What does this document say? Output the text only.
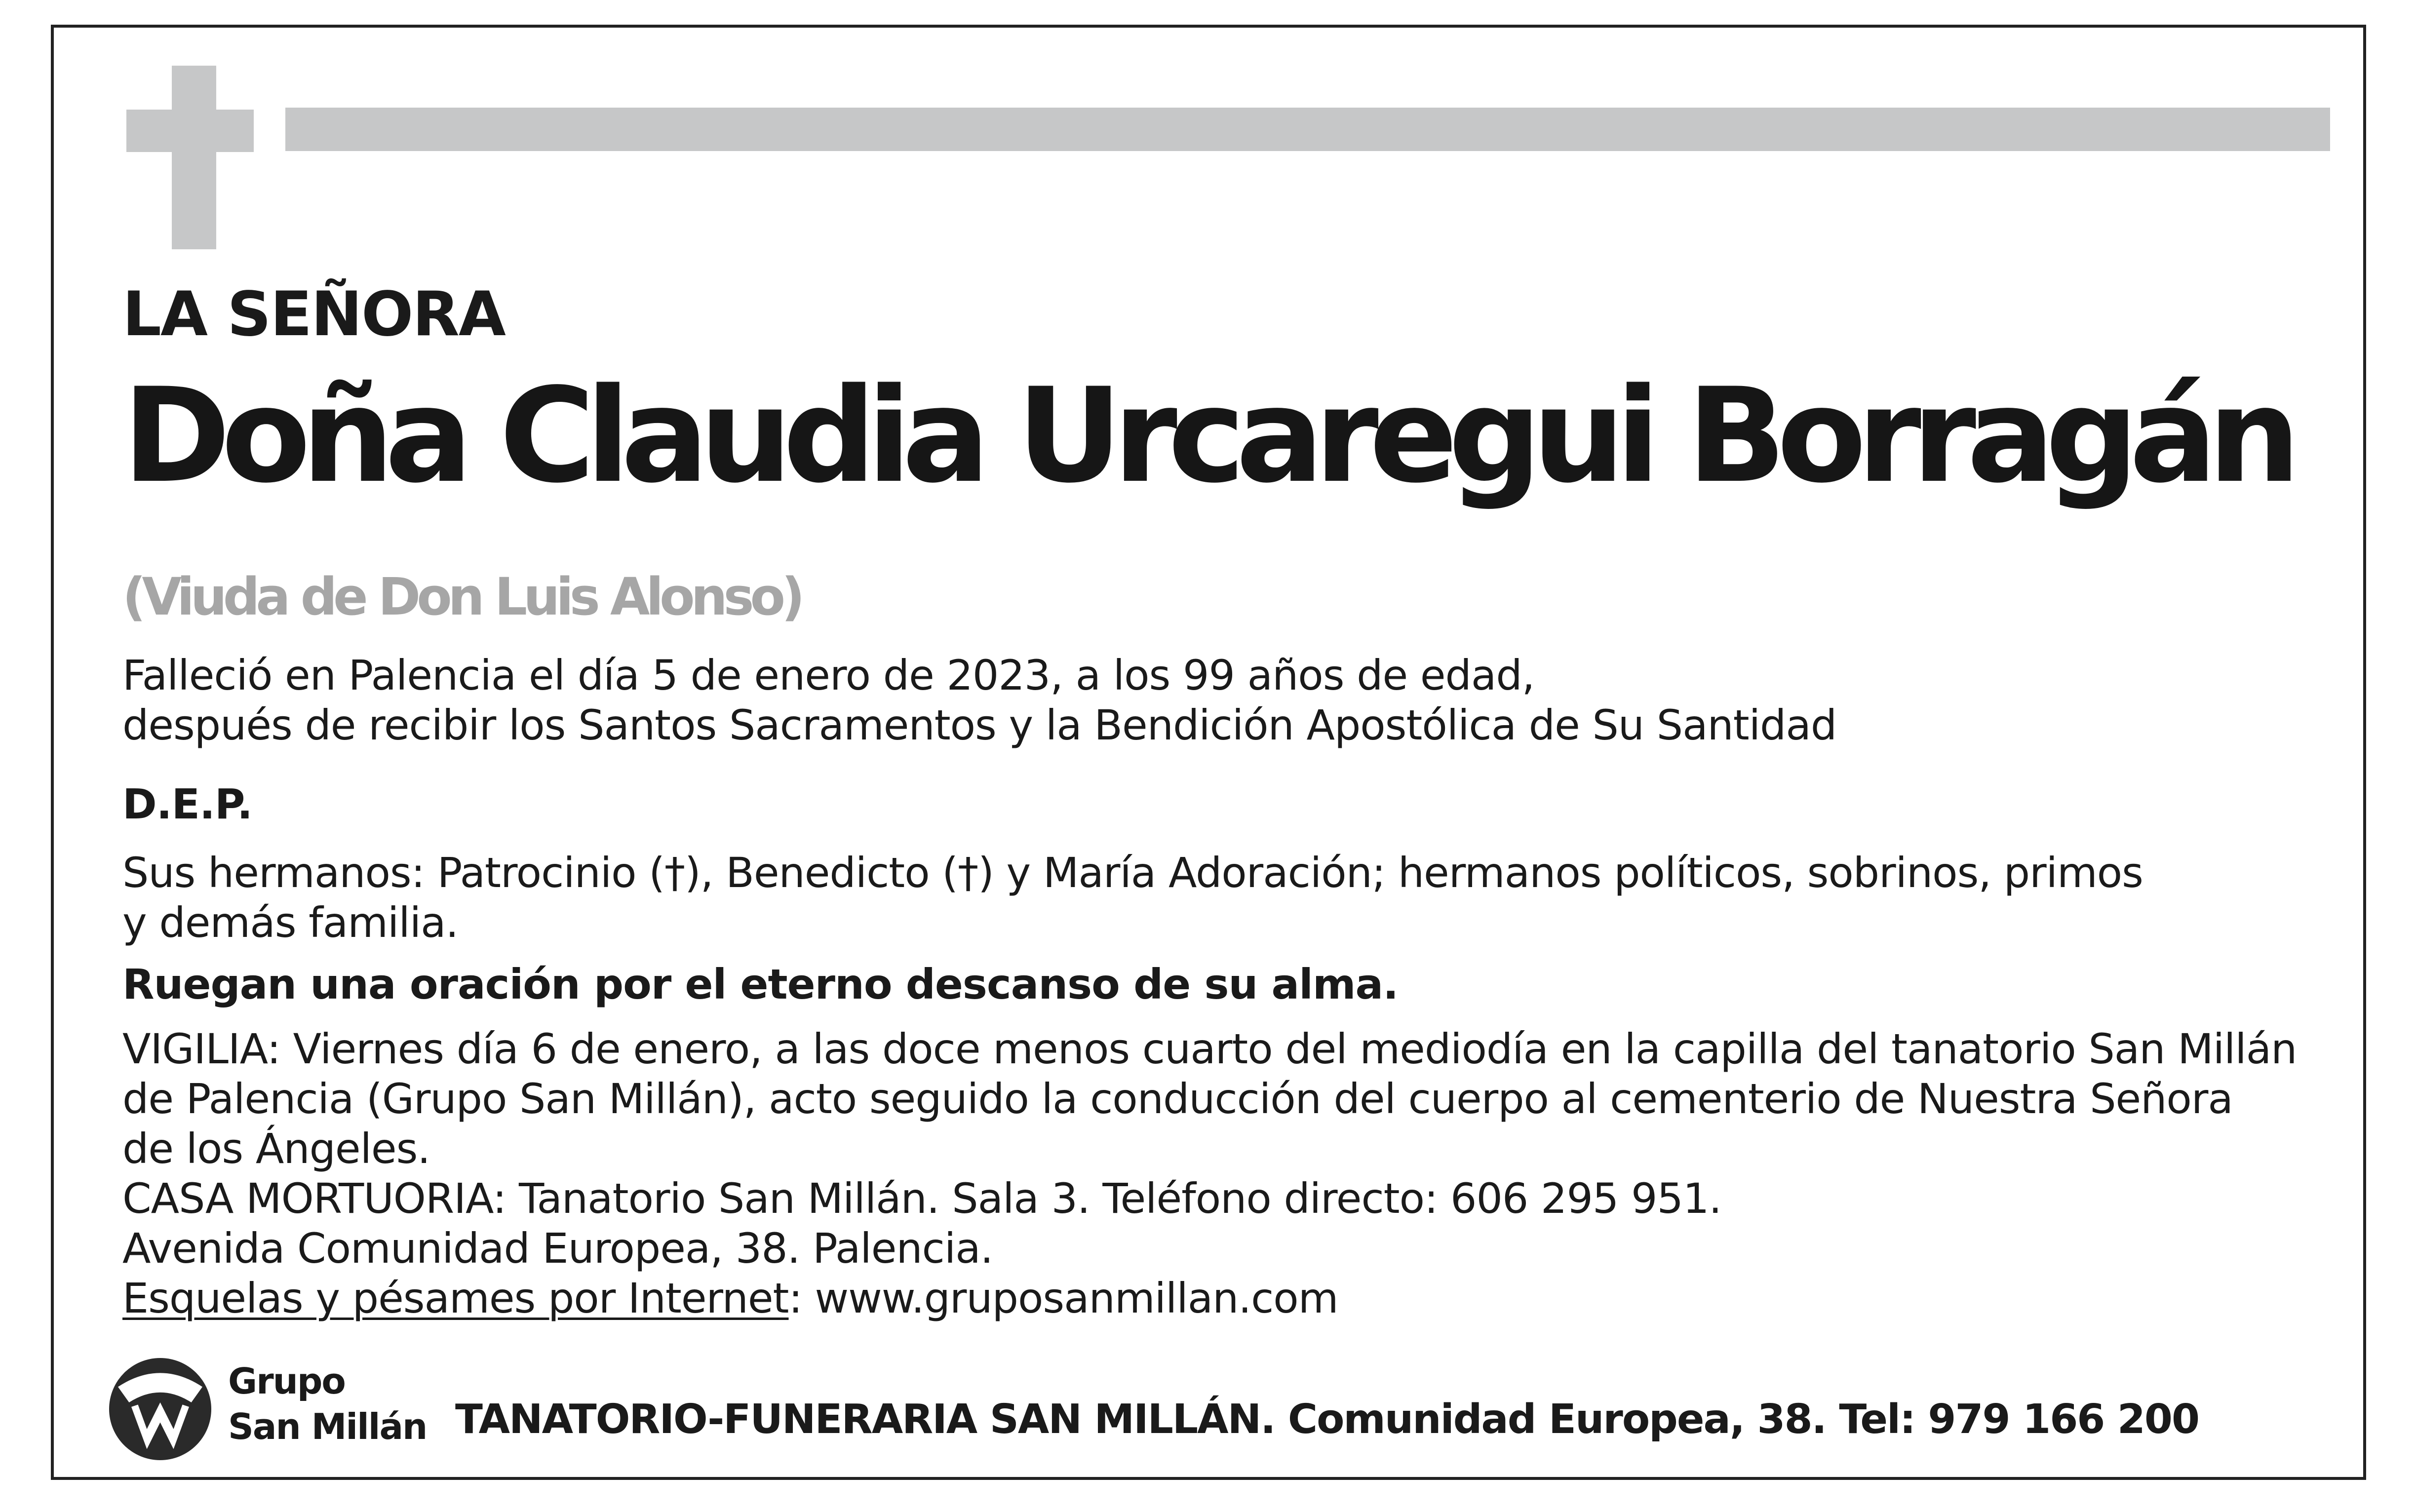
LA SEÑORA
Doña Claudia Urcaregui Borragán
(Viuda de Don Luis Alonso)
Falleció en Palencia el día 5 de enero de 2023, a los 99 años de edad,
después de recibir los Santos Sacramentos y la Bendición Apostólica de Su Santidad
D.E.P.
Sus hermanos: Patrocinio (†), Benedicto (†) y María Adoración; hermanos políticos, sobrinos, primos
y demás familia.
Ruegan una oración por el eterno descanso de su alma.
VIGILIA: Viernes día 6 de enero, a las doce menos cuarto del mediodía en la capilla del tanatorio San Millán
de Palencia (Grupo San Millán), acto seguido la conducción del cuerpo al cementerio de Nuestra Señora
de los Ángeles.
CASA MORTUORIA: Tanatorio San Millán. Sala 3. Teléfono directo: 606 295 951.
Avenida Comunidad Europea, 38. Palencia.
Esquelas y pésames por Internet: www.gruposanmillan.com
Grupo
San Millán TANATORIO-FUNERARIA SAN MILLÁN. Comunidad Europea, 38. Tel: 979 166 200
